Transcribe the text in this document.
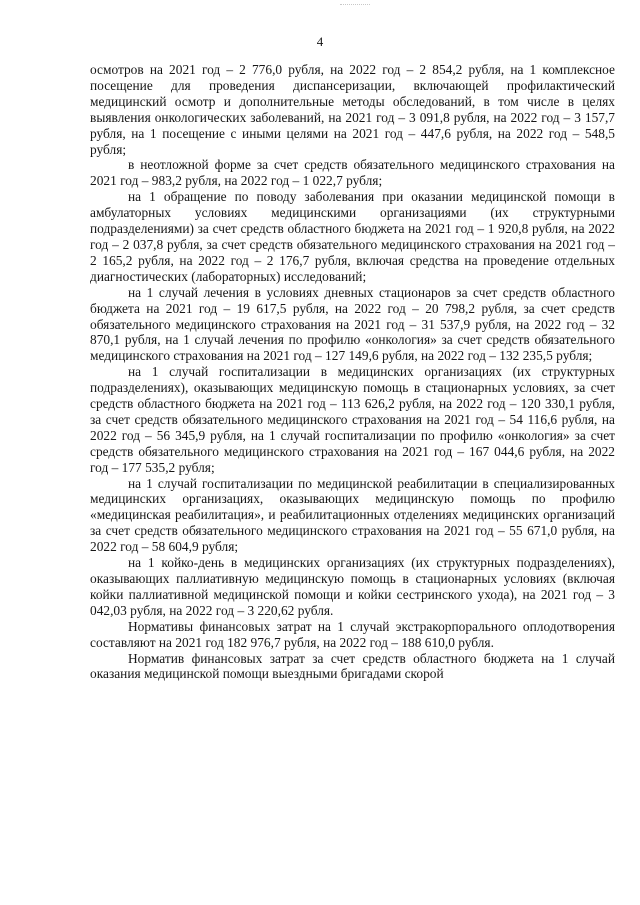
4

осмотров на 2021 год – 2 776,0 рубля, на 2022 год – 2 854,2 рубля, на 1 комплексное посещение для проведения диспансеризации, включающей профилактический медицинский осмотр и дополнительные методы обследований, в том числе в целях выявления онкологических заболеваний, на 2021 год – 3 091,8 рубля, на 2022 год – 3 157,7 рубля, на 1 посещение с иными целями на 2021 год – 447,6 рубля, на 2022 год – 548,5 рубля;

в неотложной форме за счет средств обязательного медицинского страхования на 2021 год – 983,2 рубля, на 2022 год – 1 022,7 рубля;

на 1 обращение по поводу заболевания при оказании медицинской помощи в амбулаторных условиях медицинскими организациями (их структурными подразделениями) за счет средств областного бюджета на 2021 год – 1 920,8 рубля, на 2022 год – 2 037,8 рубля, за счет средств обязательного медицинского страхования на 2021 год – 2 165,2 рубля, на 2022 год – 2 176,7 рубля, включая средства на проведение отдельных диагностических (лабораторных) исследований;

на 1 случай лечения в условиях дневных стационаров за счет средств областного бюджета на 2021 год – 19 617,5 рубля, на 2022 год – 20 798,2 рубля, за счет средств обязательного медицинского страхования на 2021 год – 31 537,9 рубля, на 2022 год – 32 870,1 рубля, на 1 случай лечения по профилю «онкология» за счет средств обязательного медицинского страхования на 2021 год – 127 149,6 рубля, на 2022 год – 132 235,5 рубля;

на 1 случай госпитализации в медицинских организациях (их структурных подразделениях), оказывающих медицинскую помощь в стационарных условиях, за счет средств областного бюджета на 2021 год – 113 626,2 рубля, на 2022 год – 120 330,1 рубля, за счет средств обязательного медицинского страхования на 2021 год – 54 116,6 рубля, на 2022 год – 56 345,9 рубля, на 1 случай госпитализации по профилю «онкология» за счет средств обязательного медицинского страхования на 2021 год – 167 044,6 рубля, на 2022 год – 177 535,2 рубля;

на 1 случай госпитализации по медицинской реабилитации в специализированных медицинских организациях, оказывающих медицинскую помощь по профилю «медицинская реабилитация», и реабилитационных отделениях медицинских организаций за счет средств обязательного медицинского страхования на 2021 год – 55 671,0 рубля, на 2022 год – 58 604,9 рубля;

на 1 койко-день в медицинских организациях (их структурных подразделениях), оказывающих паллиативную медицинскую помощь в стационарных условиях (включая койки паллиативной медицинской помощи и койки сестринского ухода), на 2021 год – 3 042,03 рубля, на 2022 год – 3 220,62 рубля.

Нормативы финансовых затрат на 1 случай экстракорпорального оплодотворения составляют на 2021 год 182 976,7 рубля, на 2022 год – 188 610,0 рубля.

Норматив финансовых затрат за счет средств областного бюджета на 1 случай оказания медицинской помощи выездными бригадами скорой
